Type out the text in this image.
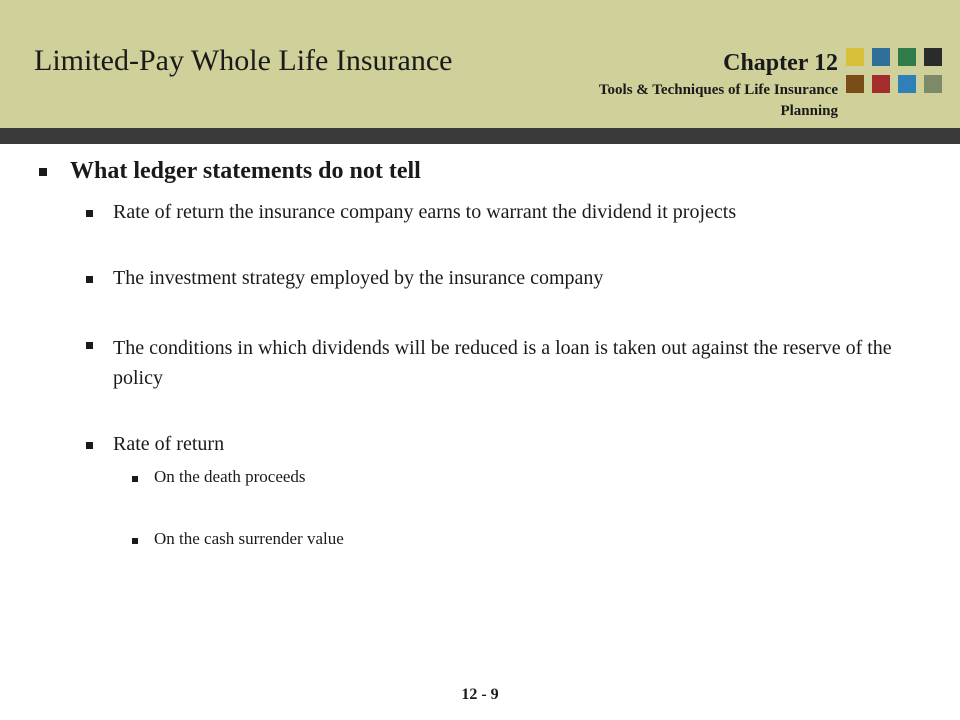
Limited-Pay Whole Life Insurance	Chapter 12
Tools & Techniques of Life Insurance Planning
What ledger statements do not tell
Rate of return the insurance company earns to warrant the dividend it projects
The investment strategy employed by the insurance company
The conditions in which dividends will be reduced is a loan is taken out against the reserve of the policy
Rate of return
On the death proceeds
On the cash surrender value
12 - 9
